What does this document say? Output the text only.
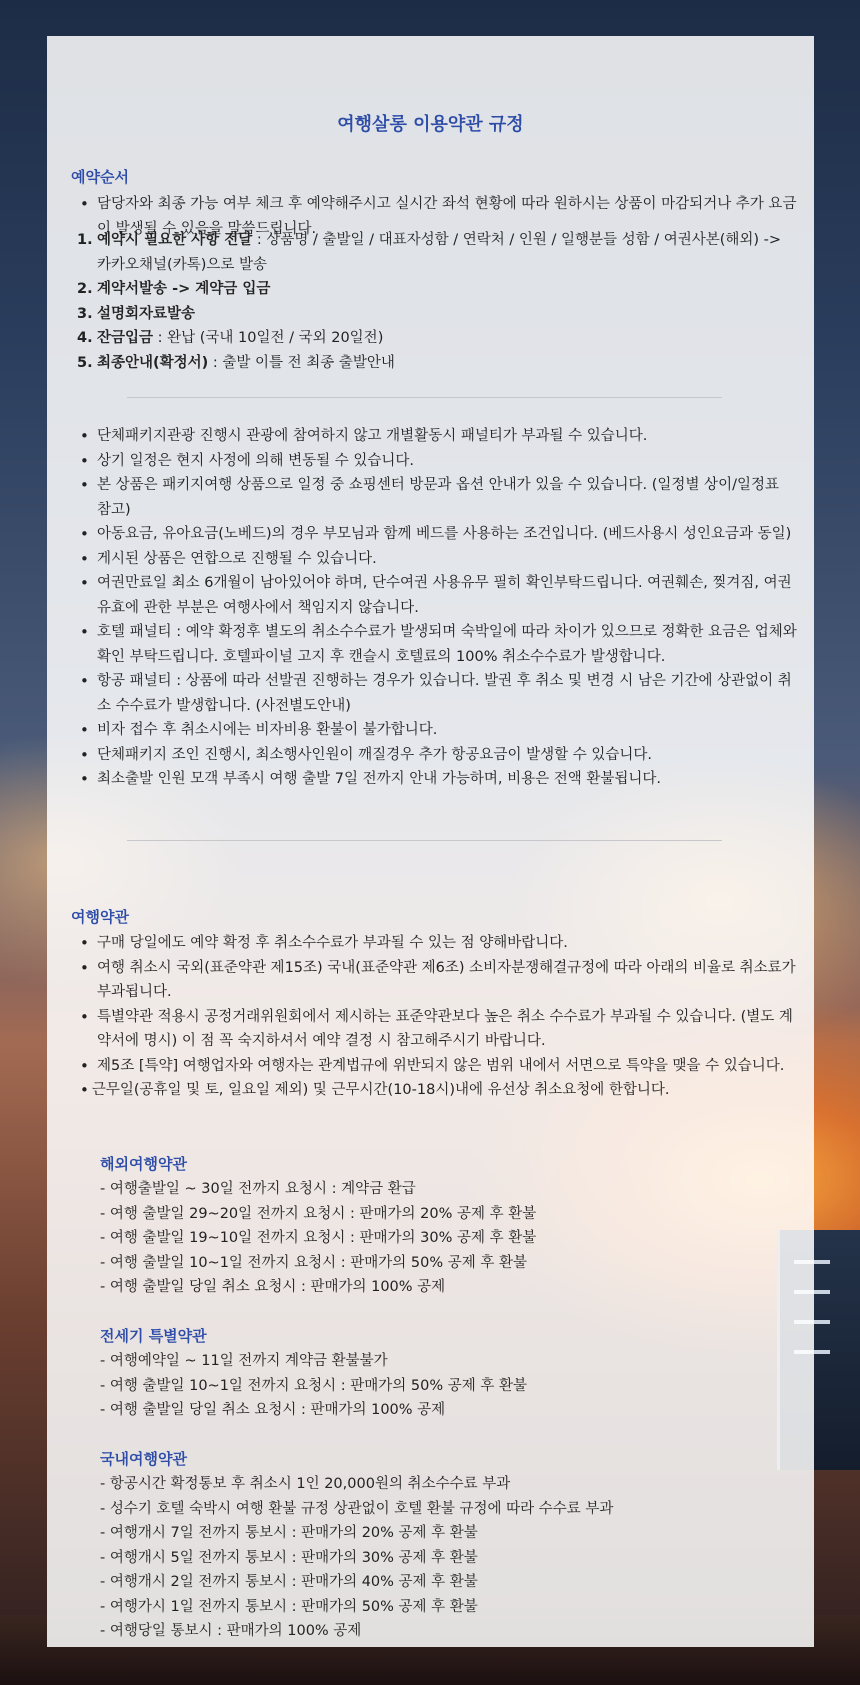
여행살롱 이용약관 규정
예약순서
• 담당자와 최종 가능 여부 체크 후 예약해주시고 실시간 좌석 현황에 따라 원하시는 상품이 마감되거나 추가 요금이 발생될 수 있음을 말씀드립니다.
1. 예약시 필요한 사항 전달 : 상품명 / 출발일 / 대표자성함 / 연락처 / 인원 / 일행분들 성함 / 여권사본(해외) -> 카카오채널(카톡)으로 발송
2. 계약서발송 -> 계약금 입금
3. 설명회자료발송
4. 잔금입금 : 완납 (국내 10일전 / 국외 20일전)
5. 최종안내(확정서) : 출발 이틀 전 최종 출발안내
• 단체패키지관광 진행시 관광에 참여하지 않고 개별활동시 패널티가 부과될 수 있습니다.
• 상기 일정은 현지 사정에 의해 변동될 수 있습니다.
• 본 상품은 패키지여행 상품으로 일정 중 쇼핑센터 방문과 옵션 안내가 있을 수 있습니다. (일정별 상이/일정표 참고)
• 아동요금, 유아요금(노베드)의 경우 부모님과 함께 베드를 사용하는 조건입니다. (베드사용시 성인요금과 동일)
• 게시된 상품은 연합으로 진행될 수 있습니다.
• 여권만료일 최소 6개월이 남아있어야 하며, 단수여권 사용유무 필히 확인부탁드립니다. 여권훼손, 찢겨짐, 여권유효에 관한 부분은 여행사에서 책임지지 않습니다.
• 호텔 패널티 : 예약 확정후 별도의 취소수수료가 발생되며 숙박일에 따라 차이가 있으므로 정확한 요금은 업체와 확인 부탁드립니다. 호텔파이널 고지 후 캔슬시 호텔료의 100% 취소수수료가 발생합니다.
• 항공 패널티 : 상품에 따라 선발권 진행하는 경우가 있습니다. 발권 후 취소 및 변경 시 남은 기간에 상관없이 취소 수수료가 발생합니다. (사전별도안내)
• 비자 접수 후 취소시에는 비자비용 환불이 불가합니다.
• 단체패키지 조인 진행시, 최소행사인원이 깨질경우 추가 항공요금이 발생할 수 있습니다.
• 최소출발 인원 모객 부족시 여행 출발 7일 전까지 안내 가능하며, 비용은 전액 환불됩니다.
여행약관
• 구매 당일에도 예약 확정 후 취소수수료가 부과될 수 있는 점 양해바랍니다.
• 여행 취소시 국외(표준약관 제15조) 국내(표준약관 제6조) 소비자분쟁해결규정에 따라 아래의 비율로 취소료가 부과됩니다.
• 특별약관 적용시 공정거래위원회에서 제시하는 표준약관보다 높은 취소 수수료가 부과될 수 있습니다. (별도 계약서에 명시) 이 점 꼭 숙지하셔서 예약 결정 시 참고해주시기 바랍니다.
• 제5조 [특약] 여행업자와 여행자는 관계법규에 위반되지 않은 범위 내에서 서면으로 특약을 맺을 수 있습니다.
• - 근무일(공휴일 및 토, 일요일 제외) 및 근무시간(10-18시)내에 유선상 취소요청에 한합니다.
해외여행약관
- 여행출발일 ~ 30일 전까지 요청시 : 계약금 환급
- 여행 출발일 29~20일 전까지 요청시 : 판매가의 20% 공제 후 환불
- 여행 출발일 19~10일 전까지 요청시 : 판매가의 30% 공제 후 환불
- 여행 출발일 10~1일 전까지 요청시 : 판매가의 50% 공제 후 환불
- 여행 출발일 당일 취소 요청시 : 판매가의 100% 공제
전세기 특별약관
- 여행예약일 ~ 11일 전까지 계약금 환불불가
- 여행 출발일 10~1일 전까지 요청시 : 판매가의 50% 공제 후 환불
- 여행 출발일 당일 취소 요청시 : 판매가의 100% 공제
국내여행약관
- 항공시간 확정통보 후 취소시 1인 20,000원의 취소수수료 부과
- 성수기 호텔 숙박시 여행 환불 규정 상관없이 호텔 환불 규정에 따라 수수료 부과
- 여행개시 7일 전까지 통보시 : 판매가의 20% 공제 후 환불
- 여행개시 5일 전까지 통보시 : 판매가의 30% 공제 후 환불
- 여행개시 2일 전까지 통보시 : 판매가의 40% 공제 후 환불
- 여행가시 1일 전까지 통보시 : 판매가의 50% 공제 후 환불
- 여행당일 통보시 : 판매가의 100% 공제
